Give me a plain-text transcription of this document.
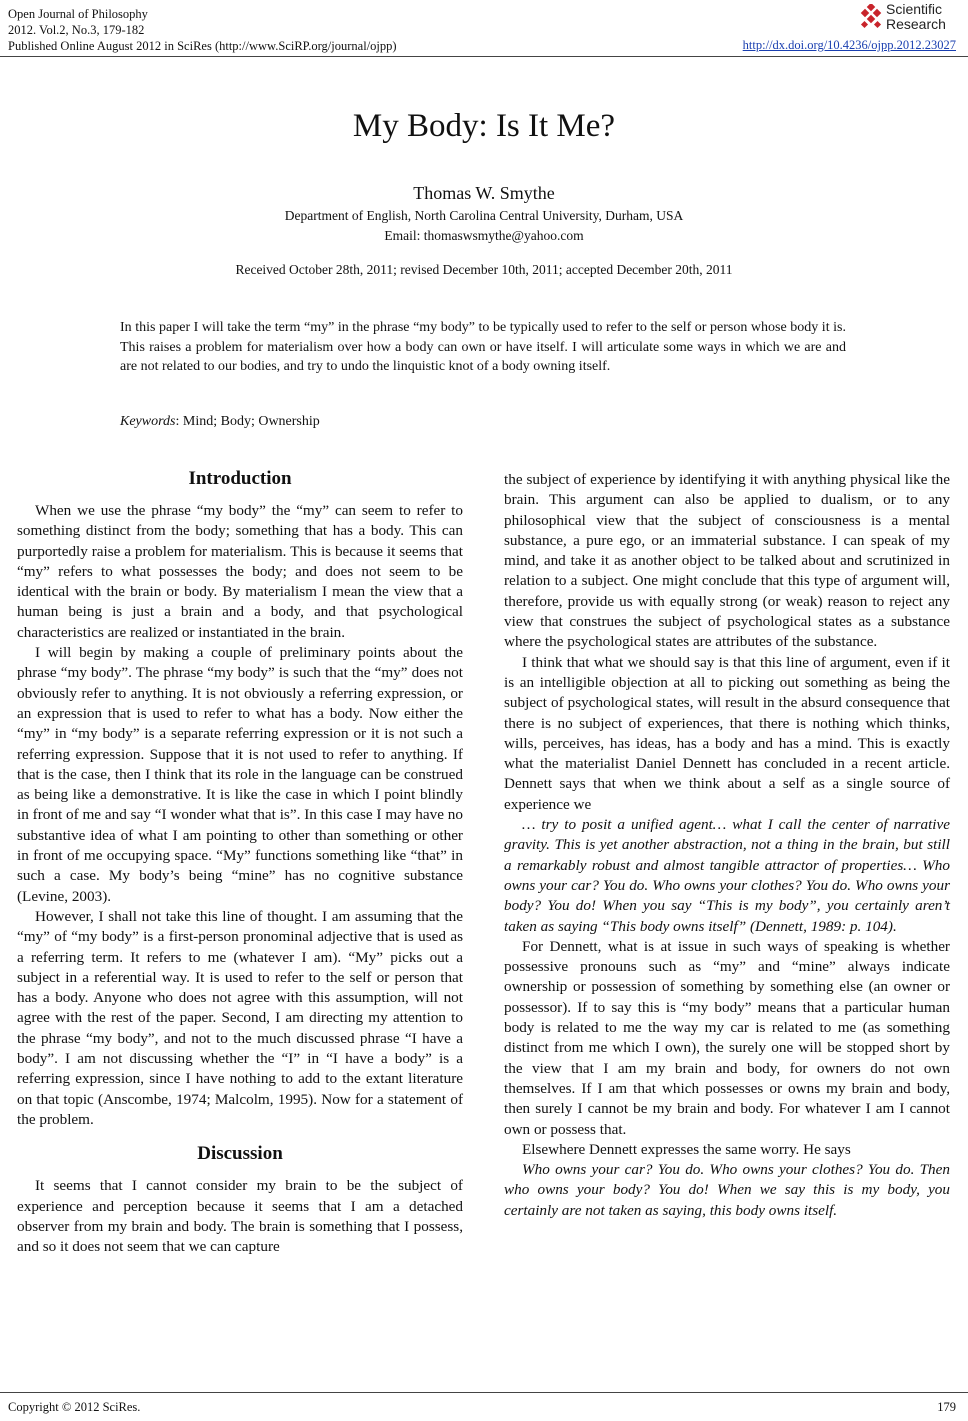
Open Journal of Philosophy
2012. Vol.2, No.3, 179-182
Published Online August 2012 in SciRes (http://www.SciRP.org/journal/ojpp)
Scientific
Research
http://dx.doi.org/10.4236/ojpp.2012.23027
My Body: Is It Me?
Thomas W. Smythe
Department of English, North Carolina Central University, Durham, USA
Email: thomaswsmythe@yahoo.com
Received October 28th, 2011; revised December 10th, 2011; accepted December 20th, 2011

In this paper I will take the term “my” in the phrase “my body” to be typically used to refer to the self or person whose body it is. This raises a problem for materialism over how a body can own or have itself. I will articulate some ways in which we are and are not related to our bodies, and try to undo the linquistic knot of a body owning itself.

Keywords: Mind; Body; Ownership
Introduction

When we use the phrase “my body” the “my” can seem to refer to something distinct from the body; something that has a body. This can purportedly raise a problem for materialism. This is because it seems that “my” refers to what possesses the body; and does not seem to be identical with the brain or body. By materialism I mean the view that a human being is just a brain and a body, and that psychological characteristics are realized or instantiated in the brain.

I will begin by making a couple of preliminary points about the phrase “my body”. The phrase “my body” is such that the “my” does not obviously refer to anything. It is not obviously a referring expression, or an expression that is used to refer to what has a body. Now either the “my” in “my body” is a separate referring expression or it is not such a referring expression. Suppose that it is not used to refer to anything. If that is the case, then I think that its role in the language can be construed as being like a demonstrative. It is like the case in which I point blindly in front of me and say “I wonder what that is”. In this case I may have no substantive idea of what I am pointing to other than something or other in front of me occupying space. “My” functions something like “that” in such a case. My body’s being “mine” has no cognitive substance (Levine, 2003).

However, I shall not take this line of thought. I am assuming that the “my” of “my body” is a first-person pronominal adjective that is used as a referring term. It refers to me (whatever I am). “My” picks out a subject in a referential way. It is used to refer to the self or person that has a body. Anyone who does not agree with this assumption, will not agree with the rest of the paper. Second, I am directing my attention to the phrase “my body”, and not to the much discussed phrase “I have a body”. I am not discussing whether the “I” in “I have a body” is a referring expression, since I have nothing to add to the extant literature on that topic (Anscombe, 1974; Malcolm, 1995). Now for a statement of the problem.

Discussion

It seems that I cannot consider my brain to be the subject of experience and perception because it seems that I am a detached observer from my brain and body. The brain is something that I possess, and so it does not seem that we can capture

the subject of experience by identifying it with anything physical like the brain. This argument can also be applied to dualism, or to any philosophical view that the subject of consciousness is a mental substance, a pure ego, or an immaterial substance. I can speak of my mind, and take it as another object to be talked about and scrutinized in relation to a subject. One might conclude that this type of argument will, therefore, provide us with equally strong (or weak) reason to reject any view that construes the subject of psychological states as a substance where the psychological states are attributes of the substance.

I think that what we should say is that this line of argument, even if it is an intelligible objection at all to picking out something as being the subject of psychological states, will result in the absurd consequence that there is no subject of experiences, that there is nothing which thinks, wills, perceives, has ideas, has a body and has a mind. This is exactly what the materialist Daniel Dennett has concluded in a recent article. Dennett says that when we think about a self as a single source of experience we

… try to posit a unified agent… what I call the center of narrative gravity. This is yet another abstraction, not a thing in the brain, but still a remarkably robust and almost tangible attractor of properties… Who owns your car? You do. Who owns your clothes? You do. Who owns your body? You do! When you say “This is my body”, you certainly aren’t taken as saying “This body owns itself” (Dennett, 1989: p. 104).

For Dennett, what is at issue in such ways of speaking is whether possessive pronouns such as “my” and “mine” always indicate ownership or possession of something by something else (an owner or possessor). If to say this is “my body” means that a particular human body is related to me the way my car is related to me (as something distinct from me which I own), the surely one will be stopped short by the view that I am my brain and body, for owners do not own themselves. If I am that which possesses or owns my brain and body, then surely I cannot be my brain and body. For whatever I am I cannot own or possess that.

Elsewhere Dennett expresses the same worry. He says

Who owns your car? You do. Who owns your clothes? You do. Then who owns your body? You do! When we say this is my body, you certainly are not taken as saying, this body owns itself.

Copyright © 2012 SciRes.	179
